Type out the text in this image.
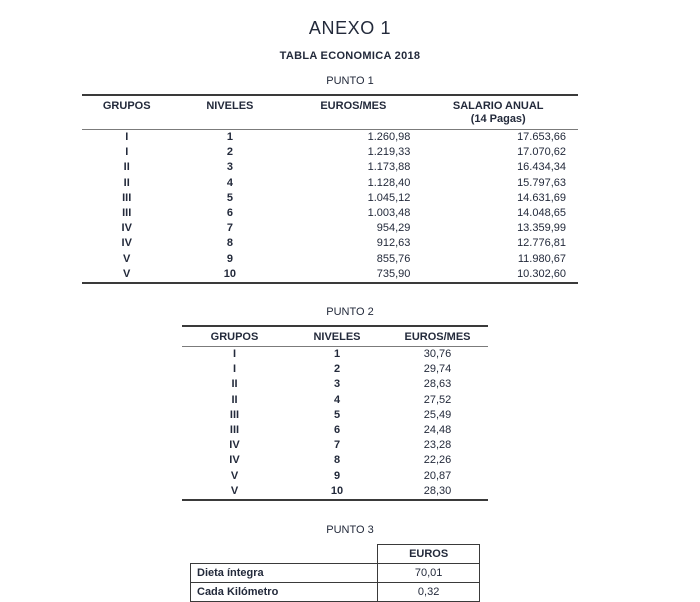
ANEXO 1
TABLA ECONOMICA 2018

PUNTO 1

GRUPOS	NIVELES	EUROS/MES	SALARIO ANUAL
(14 Pagas)
I	1	1.260,98	17.653,66
I	2	1.219,33	17.070,62
II	3	1.173,88	16.434,34
II	4	1.128,40	15.797,63
III	5	1.045,12	14.631,69
III	6	1.003,48	14.048,65
IV	7	954,29	13.359,99
IV	8	912,63	12.776,81
V	9	855,76	11.980,67
V	10	735,90	10.302,60

PUNTO 2

GRUPOS	NIVELES	EUROS/MES
I	1	30,76
I	2	29,74
II	3	28,63
II	4	27,52
III	5	25,49
III	6	24,48
IV	7	23,28
IV	8	22,26
V	9	20,87
V	10	28,30

PUNTO 3

	EUROS
Dieta íntegra	70,01
Cada Kilómetro	0,32
